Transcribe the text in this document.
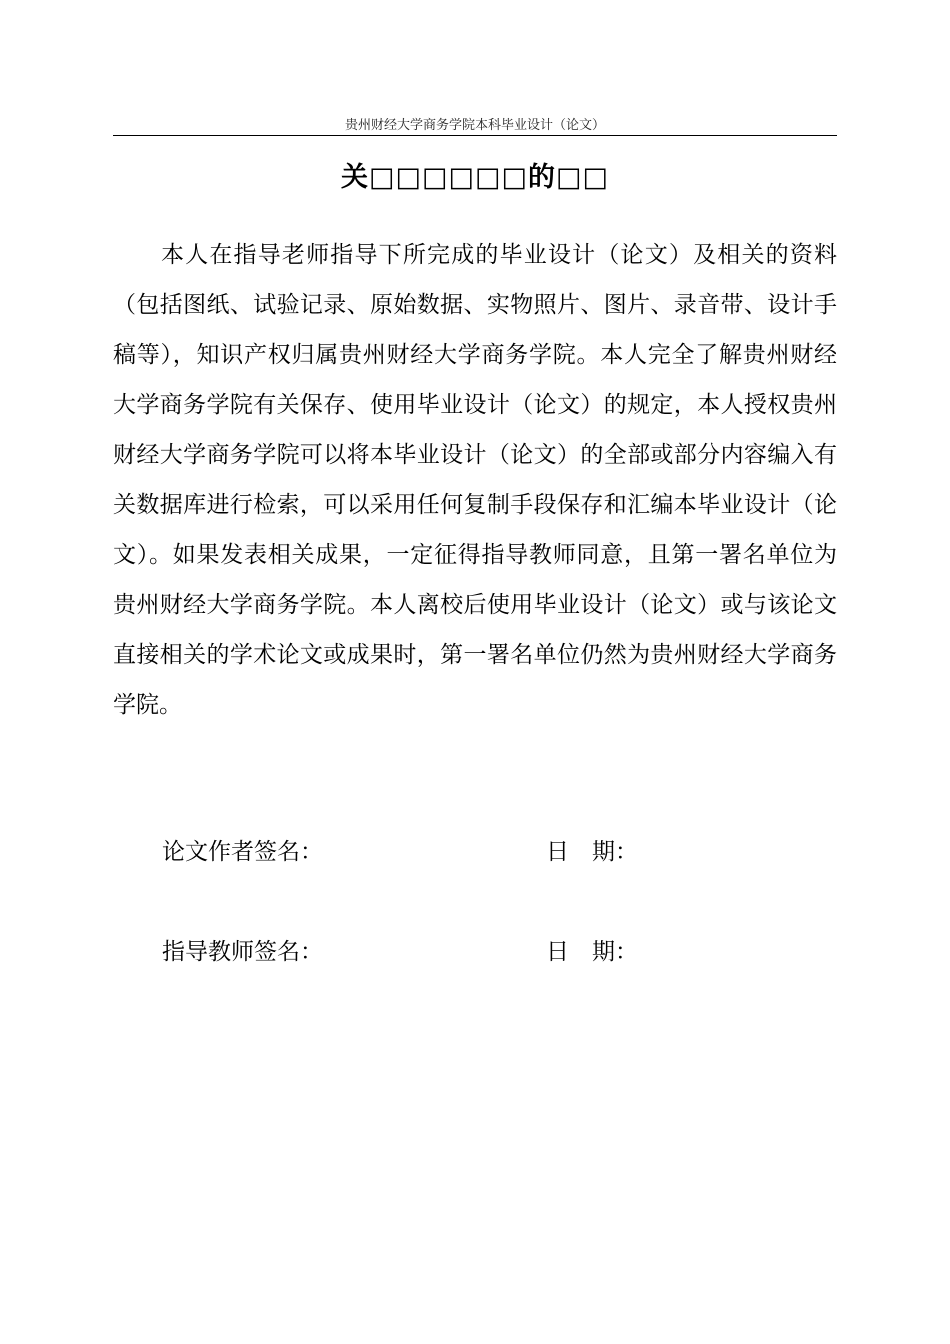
贵州财经大学商务学院本科毕业设计（论文）
关□□□□□□的□□

本人在指导老师指导下所完成的毕业设计（论文）及相关的资料（包括图纸、试验记录、原始数据、实物照片、图片、录音带、设计手稿等），知识产权归属贵州财经大学商务学院。本人完全了解贵州财经大学商务学院有关保存、使用毕业设计（论文）的规定，本人授权贵州财经大学商务学院可以将本毕业设计（论文）的全部或部分内容编入有关数据库进行检索，可以采用任何复制手段保存和汇编本毕业设计（论文）。如果发表相关成果，一定征得指导教师同意，且第一署名单位为贵州财经大学商务学院。本人离校后使用毕业设计（论文）或与该论文直接相关的学术论文或成果时，第一署名单位仍然为贵州财经大学商务学院。

论文作者签名：	日　期：
指导教师签名：	日　期：
